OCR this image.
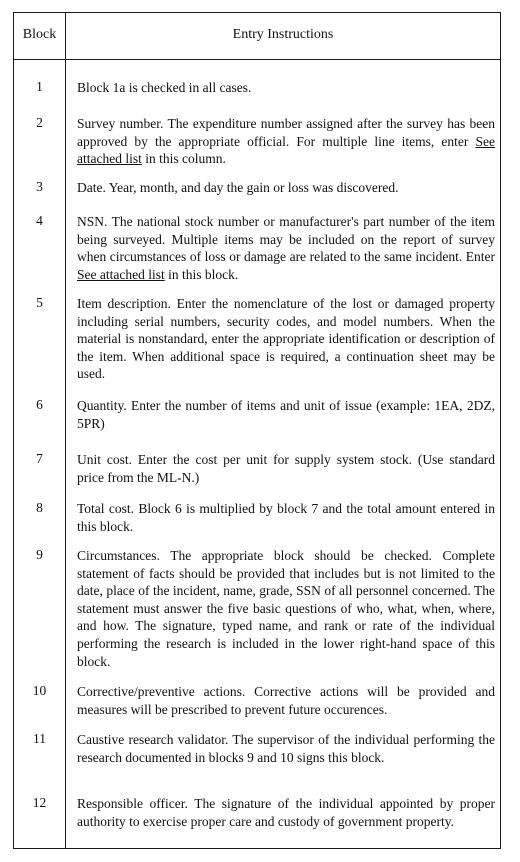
Block	Entry Instructions
1	Block 1a is checked in all cases.
2	Survey number. The expenditure number assigned after the survey has been approved by the appropriate official. For multiple line items, enter See attached list in this column.
3	Date. Year, month, and day the gain or loss was discovered.
4	NSN. The national stock number or manufacturer's part number of the item being surveyed. Multiple items may be included on the report of survey when circumstances of loss or damage are related to the same incident. Enter See attached list in this block.
5	Item description. Enter the nomenclature of the lost or damaged property including serial numbers, security codes, and model numbers. When the material is nonstandard, enter the appropriate identification or description of the item. When additional space is required, a continuation sheet may be used.
6	Quantity. Enter the number of items and unit of issue (example: 1EA, 2DZ, 5PR)
7	Unit cost. Enter the cost per unit for supply system stock. (Use standard price from the ML-N.)
8	Total cost. Block 6 is multiplied by block 7 and the total amount entered in this block.
9	Circumstances. The appropriate block should be checked. Complete statement of facts should be provided that includes but is not limited to the date, place of the incident, name, grade, SSN of all personnel concerned. The statement must answer the five basic questions of who, what, when, where, and how. The signature, typed name, and rank or rate of the individual performing the research is included in the lower right-hand space of this block.
10	Corrective/preventive actions. Corrective actions will be provided and measures will be prescribed to prevent future occurences.
11	Caustive research validator. The supervisor of the individual performing the research documented in blocks 9 and 10 signs this block.
12	Responsible officer. The signature of the individual appointed by proper authority to exercise proper care and custody of government property.
